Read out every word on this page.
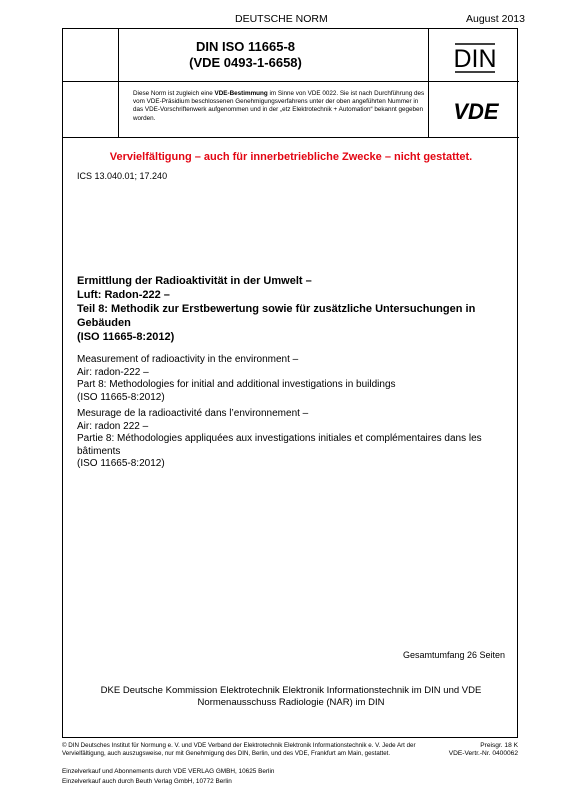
DEUTSCHE NORM	August 2013
DIN ISO 11665-8
(VDE 0493-1-6658)	DIN
Diese Norm ist zugleich eine VDE-Bestimmung im Sinne von VDE 0022. Sie ist nach Durchführung des vom VDE-Präsidium beschlossenen Genehmigungsverfahrens unter der oben angeführten Nummer in das VDE-Vorschriftenwerk aufgenommen und in der „etz Elektrotechnik + Automation“ bekannt gegeben worden.	VDE
Vervielfältigung – auch für innerbetriebliche Zwecke – nicht gestattet.
ICS 13.040.01; 17.240
Ermittlung der Radioaktivität in der Umwelt –
Luft: Radon-222 –
Teil 8: Methodik zur Erstbewertung sowie für zusätzliche Untersuchungen in Gebäuden
(ISO 11665-8:2012)
Measurement of radioactivity in the environment –
Air: radon-222 –
Part 8: Methodologies for initial and additional investigations in buildings
(ISO 11665-8:2012)
Mesurage de la radioactivité dans l’environnement –
Air: radon 222 –
Partie 8: Méthodologies appliquées aux investigations initiales et complémentaires dans les bâtiments
(ISO 11665-8:2012)
Gesamtumfang 26 Seiten
DKE Deutsche Kommission Elektrotechnik Elektronik Informationstechnik im DIN und VDE
Normenausschuss Radiologie (NAR) im DIN
© DIN Deutsches Institut für Normung e. V. und VDE Verband der Elektrotechnik Elektronik Informationstechnik e. V. Jede Art der Vervielfältigung, auch auszugsweise, nur mit Genehmigung des DIN, Berlin, und des VDE, Frankfurt am Main, gestattet.
Preisgr. 18 K
VDE-Vertr.-Nr. 0400062
Einzelverkauf und Abonnements durch VDE VERLAG GMBH, 10625 Berlin
Einzelverkauf auch durch Beuth Verlag GmbH, 10772 Berlin
